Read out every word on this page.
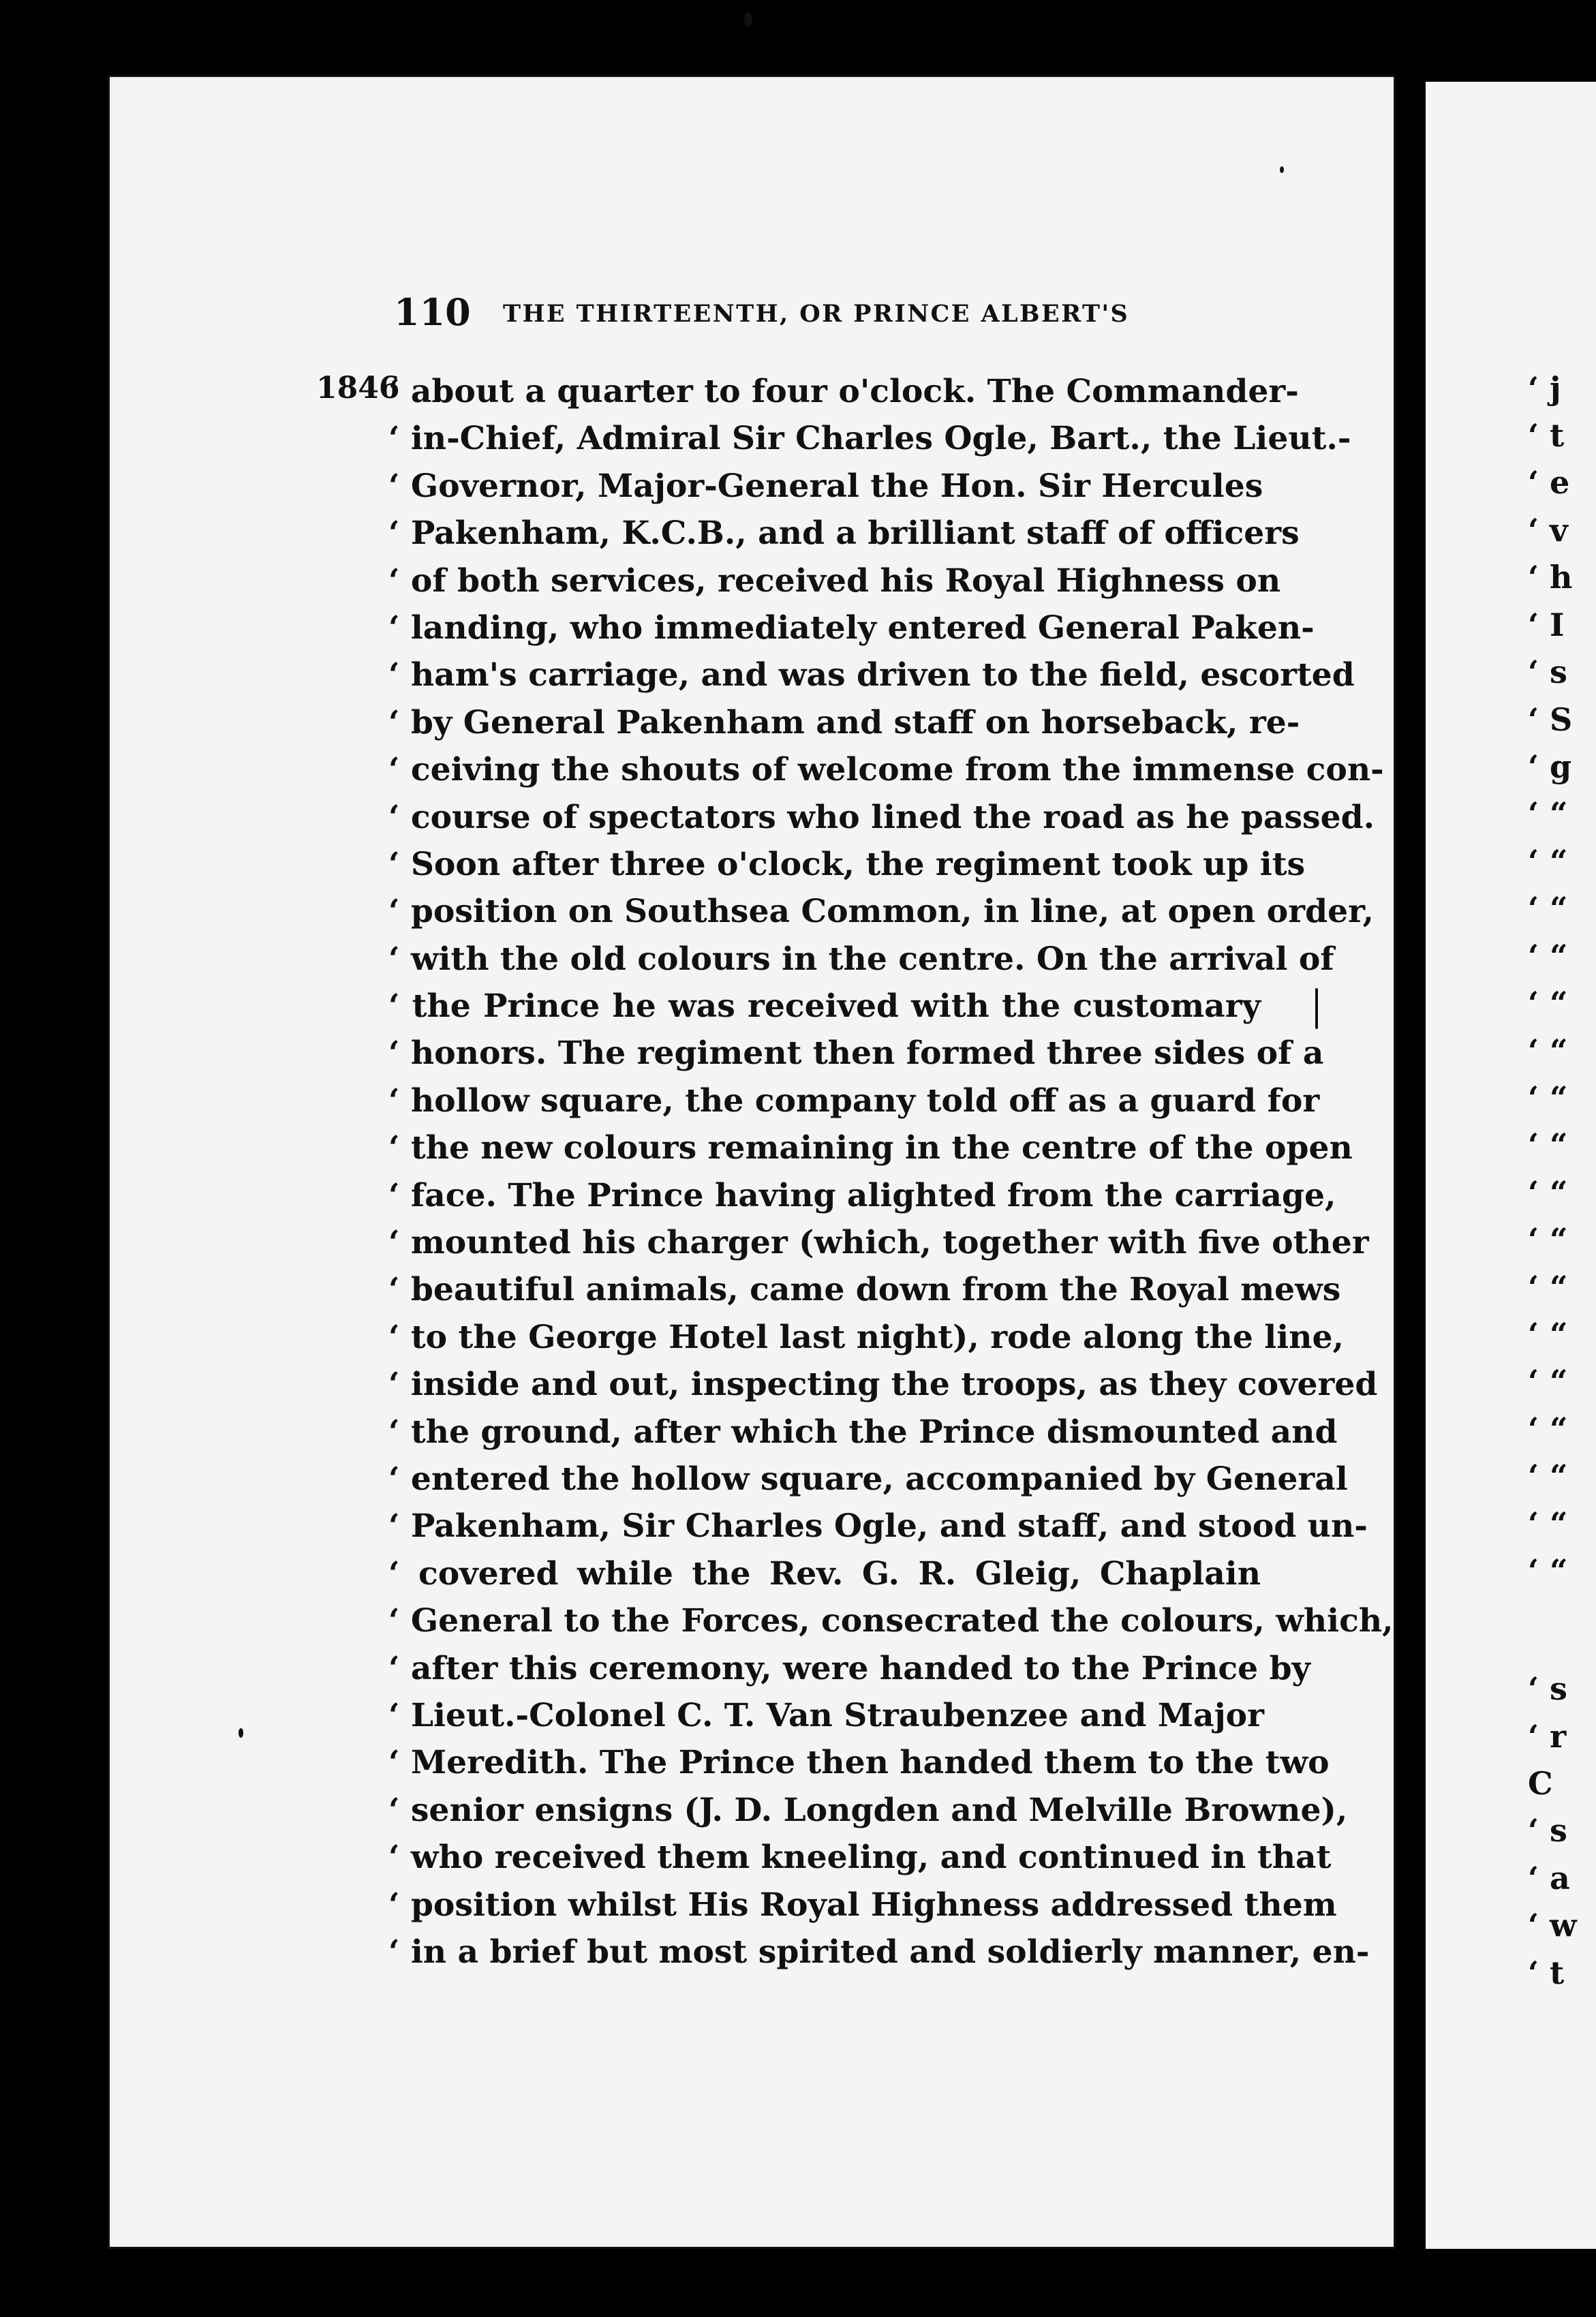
110 THE THIRTEENTH, OR PRINCE ALBERT'S
1846
‘ about a quarter to four o'clock. The Commander-
‘ in-Chief, Admiral Sir Charles Ogle, Bart., the Lieut.-
‘ Governor, Major-General the Hon. Sir Hercules
‘ Pakenham, K.C.B., and a brilliant staff of officers
‘ of both services, received his Royal Highness on
‘ landing, who immediately entered General Paken-
‘ ham's carriage, and was driven to the field, escorted
‘ by General Pakenham and staff on horseback, re-
‘ ceiving the shouts of welcome from the immense con-
‘ course of spectators who lined the road as he passed.
‘ Soon after three o'clock, the regiment took up its
‘ position on Southsea Common, in line, at open order,
‘ with the old colours in the centre. On the arrival of
‘ the Prince he was received with the customary
‘ honors. The regiment then formed three sides of a
‘ hollow square, the company told off as a guard for
‘ the new colours remaining in the centre of the open
‘ face. The Prince having alighted from the carriage,
‘ mounted his charger (which, together with five other
‘ beautiful animals, came down from the Royal mews
‘ to the George Hotel last night), rode along the line,
‘ inside and out, inspecting the troops, as they covered
‘ the ground, after which the Prince dismounted and
‘ entered the hollow square, accompanied by General
‘ Pakenham, Sir Charles Ogle, and staff, and stood un-
‘ covered while the Rev. G. R. Gleig, Chaplain
‘ General to the Forces, consecrated the colours, which,
‘ after this ceremony, were handed to the Prince by
‘ Lieut.-Colonel C. T. Van Straubenzee and Major
‘ Meredith. The Prince then handed them to the two
‘ senior ensigns (J. D. Longden and Melville Browne),
‘ who received them kneeling, and continued in that
‘ position whilst His Royal Highness addressed them
‘ in a brief but most spirited and soldierly manner, en-
‘ j
‘ t
‘ e
‘ v
‘ h
‘ I
‘ s
‘ S
‘ g
‘ “
‘ “
‘ “
‘ “
‘ “
‘ “
‘ “
‘ “
‘ “
‘ “
‘ “
‘ “
‘ “
‘ “
‘ “
‘ “
‘ “
‘ s
‘ r
C
‘ s
‘ a
‘ w
‘ t
